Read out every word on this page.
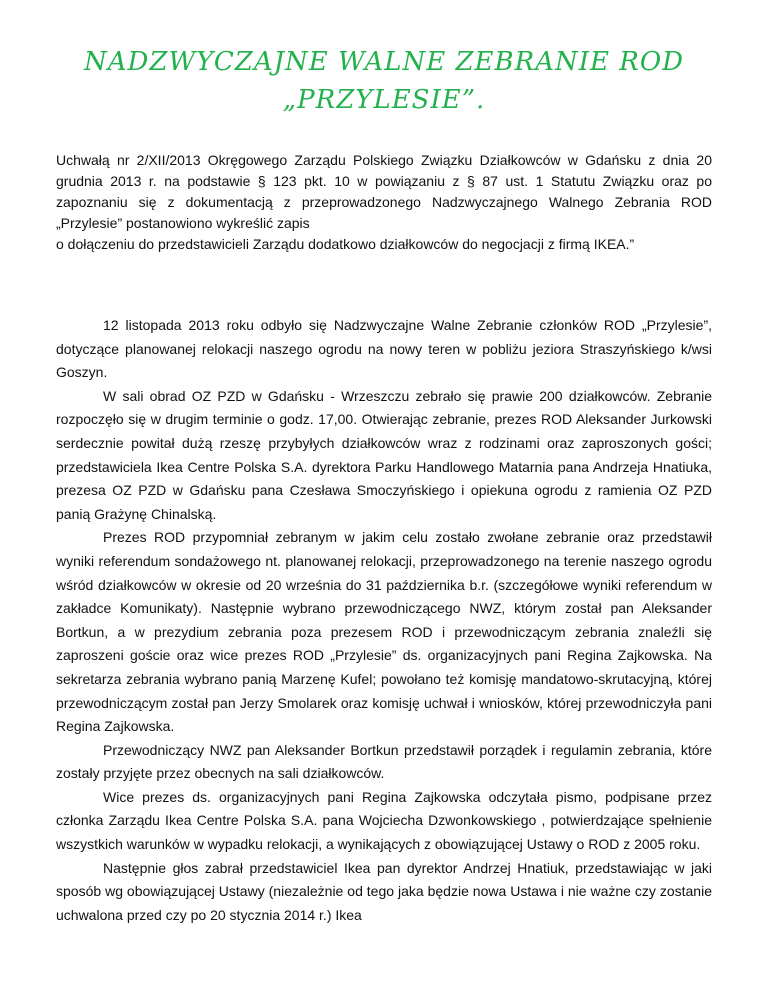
NADZWYCZAJNE WALNE ZEBRANIE ROD
„PRZYLESIE”.

Uchwałą nr 2/XII/2013 Okręgowego Zarządu Polskiego Związku Działkowców w Gdańsku z dnia 20 grudnia 2013 r. na podstawie § 123 pkt. 10 w powiązaniu z § 87 ust. 1 Statutu Związku oraz po zapoznaniu się z dokumentacją z przeprowadzonego Nadzwyczajnego Walnego Zebrania ROD „Przylesie” postanowiono wykreślić zapis

o dołączeniu do przedstawicieli Zarządu dodatkowo działkowców do negocjacji z firmą IKEA.”

12 listopada 2013 roku odbyło się Nadzwyczajne Walne Zebranie członków ROD „Przylesie”, dotyczące planowanej relokacji naszego ogrodu na nowy teren w pobliżu jeziora Straszyńskiego k/wsi Goszyn.

W sali obrad OZ PZD w Gdańsku - Wrzeszczu zebrało się prawie 200 działkowców. Zebranie rozpoczęło się w drugim terminie o godz. 17,00. Otwierając zebranie, prezes ROD Aleksander Jurkowski serdecznie powitał dużą rzeszę przybyłych działkowców wraz z rodzinami oraz zaproszonych gości; przedstawiciela Ikea Centre Polska S.A. dyrektora Parku Handlowego Matarnia pana Andrzeja Hnatiuka, prezesa OZ PZD w Gdańsku pana Czesława Smoczyńskiego i opiekuna ogrodu z ramienia OZ PZD panią Grażynę Chinalską.

Prezes ROD przypomniał zebranym w jakim celu zostało zwołane zebranie oraz przedstawił wyniki referendum sondażowego nt. planowanej relokacji, przeprowadzonego na terenie naszego ogrodu wśród działkowców w okresie od 20 września do 31 października b.r. (szczegółowe wyniki referendum w zakładce Komunikaty). Następnie wybrano przewodniczącego NWZ, którym został pan Aleksander Bortkun, a w prezydium zebrania poza prezesem ROD i przewodniczącym zebrania znaleźli się zaproszeni goście oraz wice prezes ROD „Przylesie” ds. organizacyjnych pani Regina Zajkowska. Na sekretarza zebrania wybrano panią Marzenę Kufel; powołano też komisję mandatowo-skrutacyjną, której przewodniczącym został pan Jerzy Smolarek oraz komisję uchwał i wniosków, której przewodniczyła pani Regina Zajkowska.

Przewodniczący NWZ pan Aleksander Bortkun przedstawił porządek i regulamin zebrania, które zostały przyjęte przez obecnych na sali działkowców.

Wice prezes ds. organizacyjnych pani Regina Zajkowska odczytała pismo, podpisane przez członka Zarządu Ikea Centre Polska S.A. pana Wojciecha Dzwonkowskiego , potwierdzające spełnienie wszystkich warunków w wypadku relokacji, a wynikających z obowiązującej Ustawy o ROD z 2005 roku.

Następnie głos zabrał przedstawiciel Ikea pan dyrektor Andrzej Hnatiuk, przedstawiając w jaki sposób wg obowiązującej Ustawy (niezależnie od tego jaka będzie nowa Ustawa i nie ważne czy zostanie uchwalona przed czy po 20 stycznia 2014 r.) Ikea
